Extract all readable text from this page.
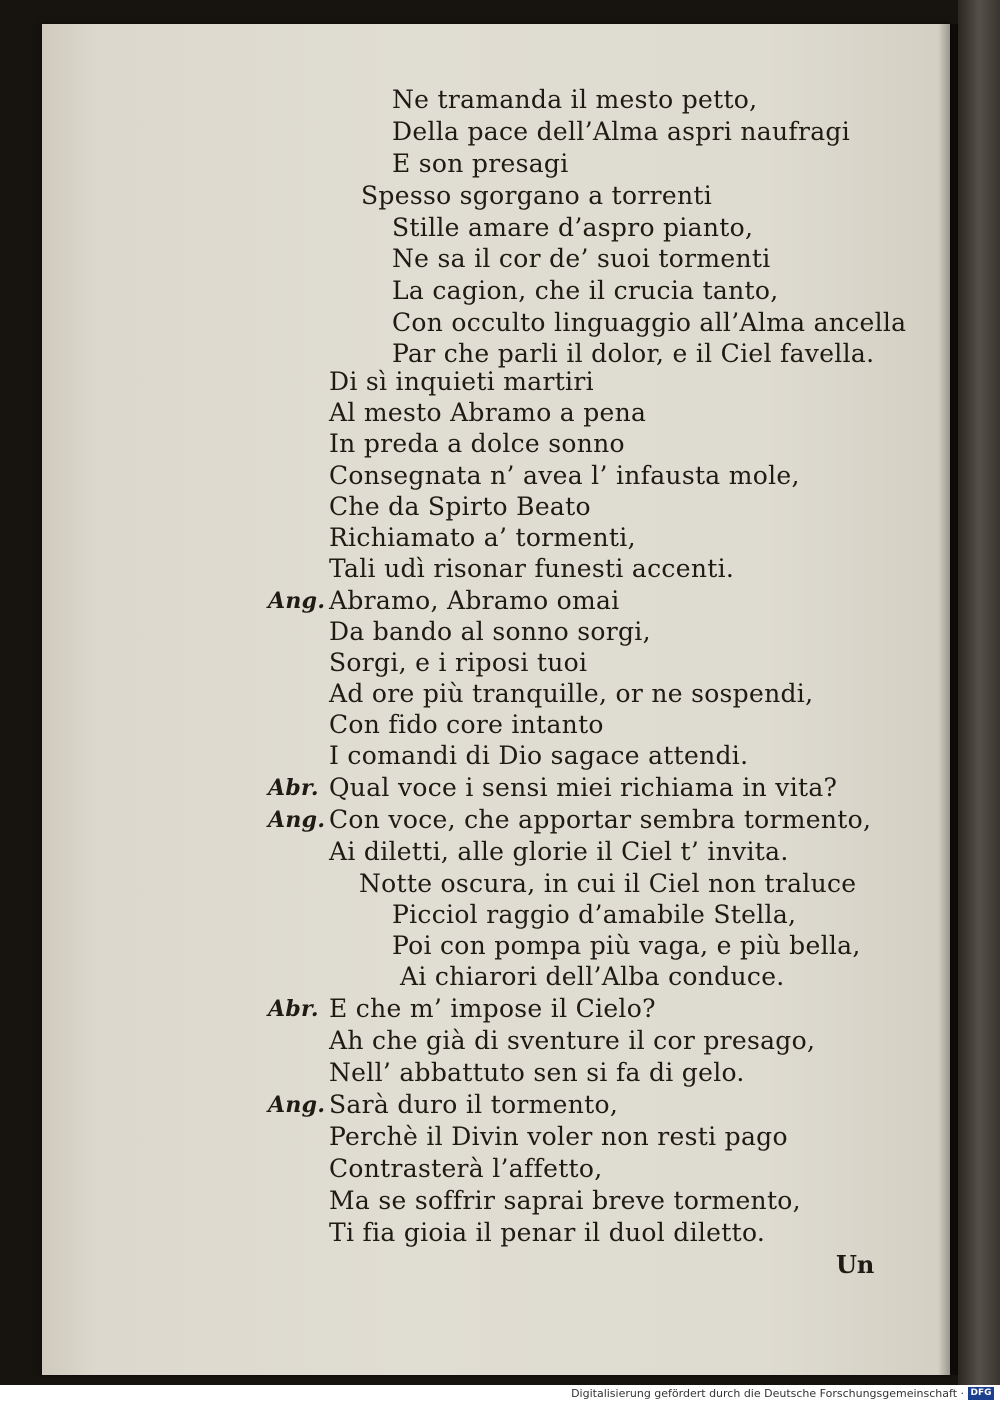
Ne tramanda il mesto petto,
Della pace dell’Alma aspri naufragi
E son presagi
Spesso sgorgano a torrenti
Stille amare d’aspro pianto,
Ne sa il cor de’ suoi tormenti
La cagion, che il crucia tanto,
Con occulto linguaggio all’Alma ancella
Par che parli il dolor, e il Ciel favella.
Di sì inquieti martiri
Al mesto Abramo a pena
In preda a dolce sonno
Consegnata n’ avea l’ infausta mole,
Che da Spirto Beato
Richiamato a’ tormenti,
Tali udì risonar funesti accenti.
Ang. Abramo, Abramo omai
Da bando al sonno sorgi,
Sorgi, e i riposi tuoi
Ad ore più tranquille, or ne sospendi,
Con fido core intanto
I comandi di Dio sagace attendi.
Abr. Qual voce i sensi miei richiama in vita?
Ang. Con voce, che apportar sembra tormento,
Ai diletti, alle glorie il Ciel t’ invita.
Notte oscura, in cui il Ciel non traluce
Picciol raggio d’amabile Stella,
Poi con pompa più vaga, e più bella,
Ai chiarori dell’Alba conduce.
Abr. E che m’ impose il Cielo?
Ah che già di sventure il cor presago,
Nell’ abbattuto sen si fa di gelo.
Ang. Sarà duro il tormento,
Perchè il Divin voler non resti pago
Contrasterà l’affetto,
Ma se soffrir saprai breve tormento,
Ti fia gioia il penar il duol diletto.
Un
Digitalisierung gefördert durch die Deutsche Forschungsgemeinschaft · DFG
